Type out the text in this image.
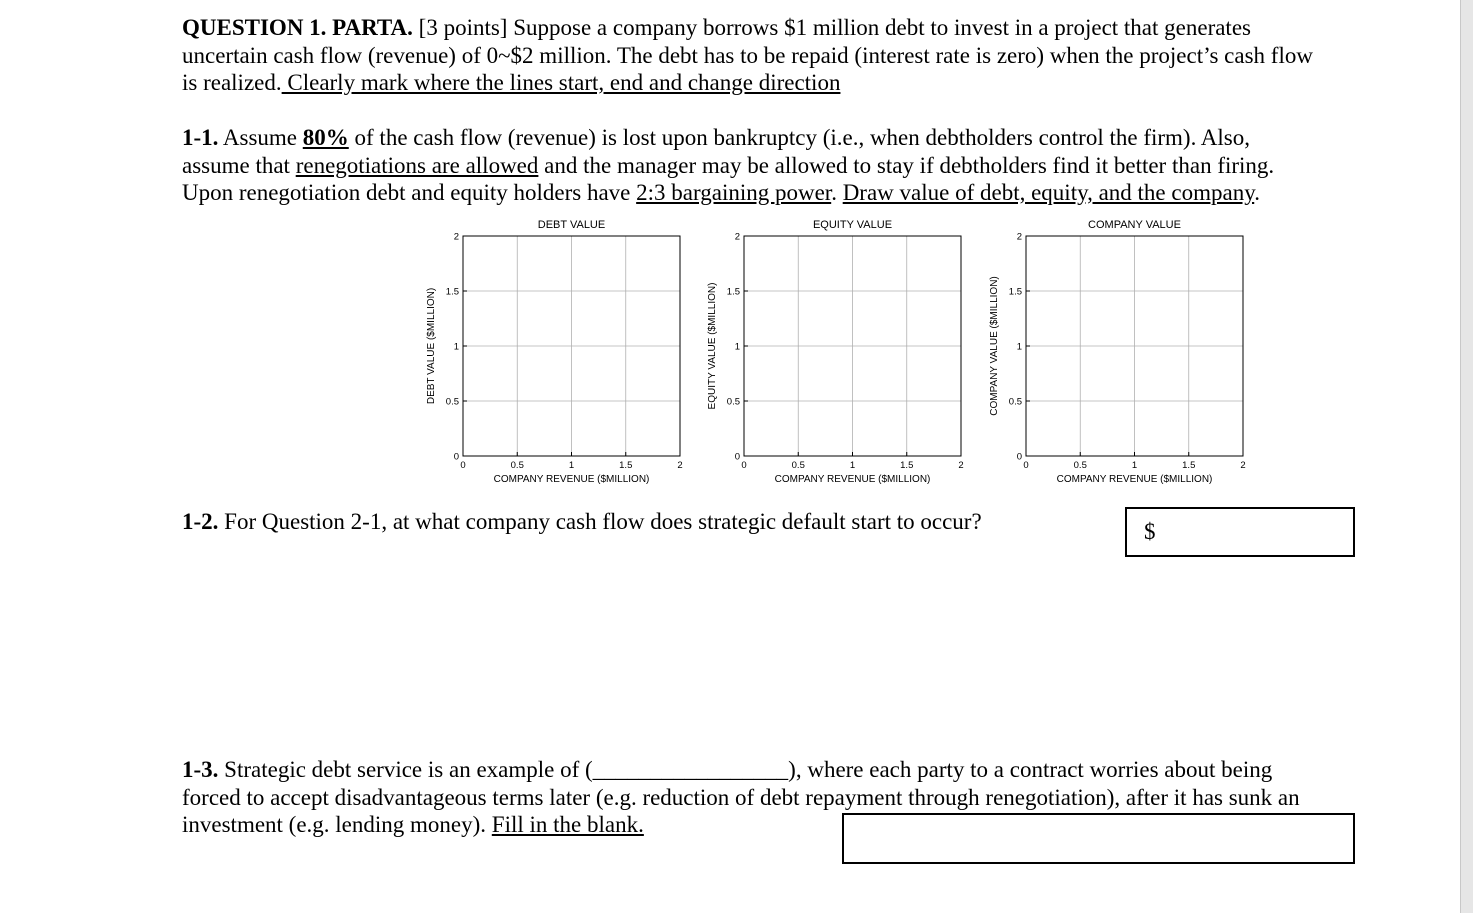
QUESTION 1. PARTA. [3 points] Suppose a company borrows $1 million debt to invest in a project that generates uncertain cash flow (revenue) of 0~$2 million. The debt has to be repaid (interest rate is zero) when the project’s cash flow is realized. Clearly mark where the lines start, end and change direction

1-1. Assume 80% of the cash flow (revenue) is lost upon bankruptcy (i.e., when debtholders control the firm). Also, assume that renegotiations are allowed and the manager may be allowed to stay if debtholders find it better than firing. Upon renegotiation debt and equity holders have 2:3 bargaining power. Draw value of debt, equity, and the company.

0	0.5	1	1.5	2
0
0.5
1
1.5
2
DEBT VALUE
COMPANY REVENUE ($MILLION)
DEBT VALUE ($MILLION)
0	0.5	1	1.5	2
0
0.5
1
1.5
2
EQUITY VALUE
COMPANY REVENUE ($MILLION)
EQUITY VALUE ($MILLION)
0	0.5	1	1.5	2
0
0.5
1
1.5
2
COMPANY VALUE
COMPANY REVENUE ($MILLION)
COMPANY VALUE ($MILLION)

1-2. For Question 2-1, at what company cash flow does strategic default start to occur?	$

1-3. Strategic debt service is an example of (_________________), where each party to a contract worries about being forced to accept disadvantageous terms later (e.g. reduction of debt repayment through renegotiation), after it has sunk an investment (e.g. lending money). Fill in the blank.
